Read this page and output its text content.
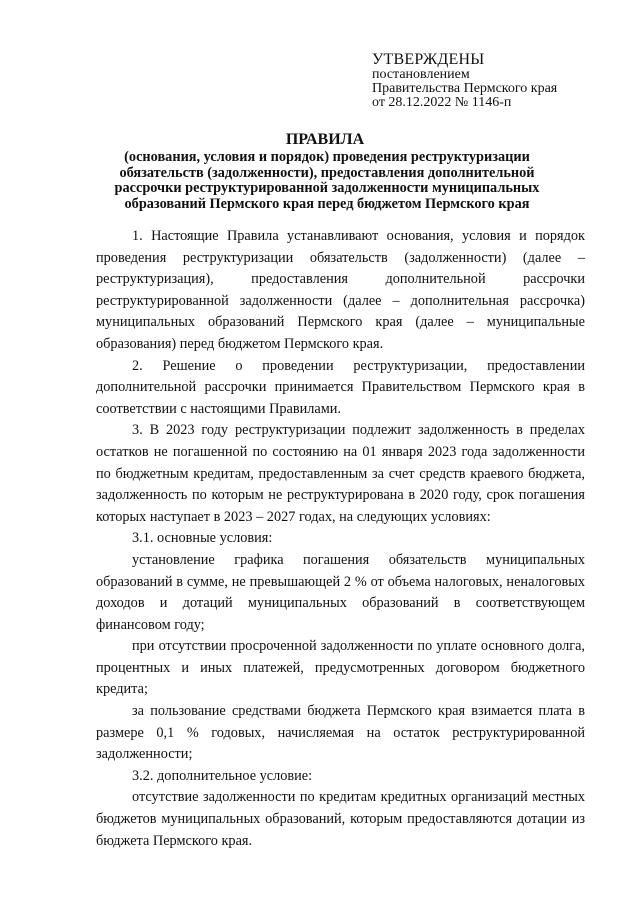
УТВЕРЖДЕНЫ
постановлением
Правительства Пермского края
от 28.12.2022 № 1146-п
ПРАВИЛА
(основания, условия и порядок) проведения реструктуризации обязательств (задолженности), предоставления дополнительной рассрочки реструктурированной задолженности муниципальных образований Пермского края перед бюджетом Пермского края

1. Настоящие Правила устанавливают основания, условия и порядок проведения реструктуризации обязательств (задолженности) (далее – реструктуризация), предоставления дополнительной рассрочки реструктурированной задолженности (далее – дополнительная рассрочка) муниципальных образований Пермского края (далее – муниципальные образования) перед бюджетом Пермского края.

2. Решение о проведении реструктуризации, предоставлении дополнительной рассрочки принимается Правительством Пермского края в соответствии с настоящими Правилами.

3. В 2023 году реструктуризации подлежит задолженность в пределах остатков не погашенной по состоянию на 01 января 2023 года задолженности по бюджетным кредитам, предоставленным за счет средств краевого бюджета, задолженность по которым не реструктурирована в 2020 году, срок погашения которых наступает в 2023 – 2027 годах, на следующих условиях:

3.1. основные условия:

установление графика погашения обязательств муниципальных образований в сумме, не превышающей 2 % от объема налоговых, неналоговых доходов и дотаций муниципальных образований в соответствующем финансовом году;

при отсутствии просроченной задолженности по уплате основного долга, процентных и иных платежей, предусмотренных договором бюджетного кредита;

за пользование средствами бюджета Пермского края взимается плата в размере 0,1 % годовых, начисляемая на остаток реструктурированной задолженности;

3.2. дополнительное условие:

отсутствие задолженности по кредитам кредитных организаций местных бюджетов муниципальных образований, которым предоставляются дотации из бюджета Пермского края.
